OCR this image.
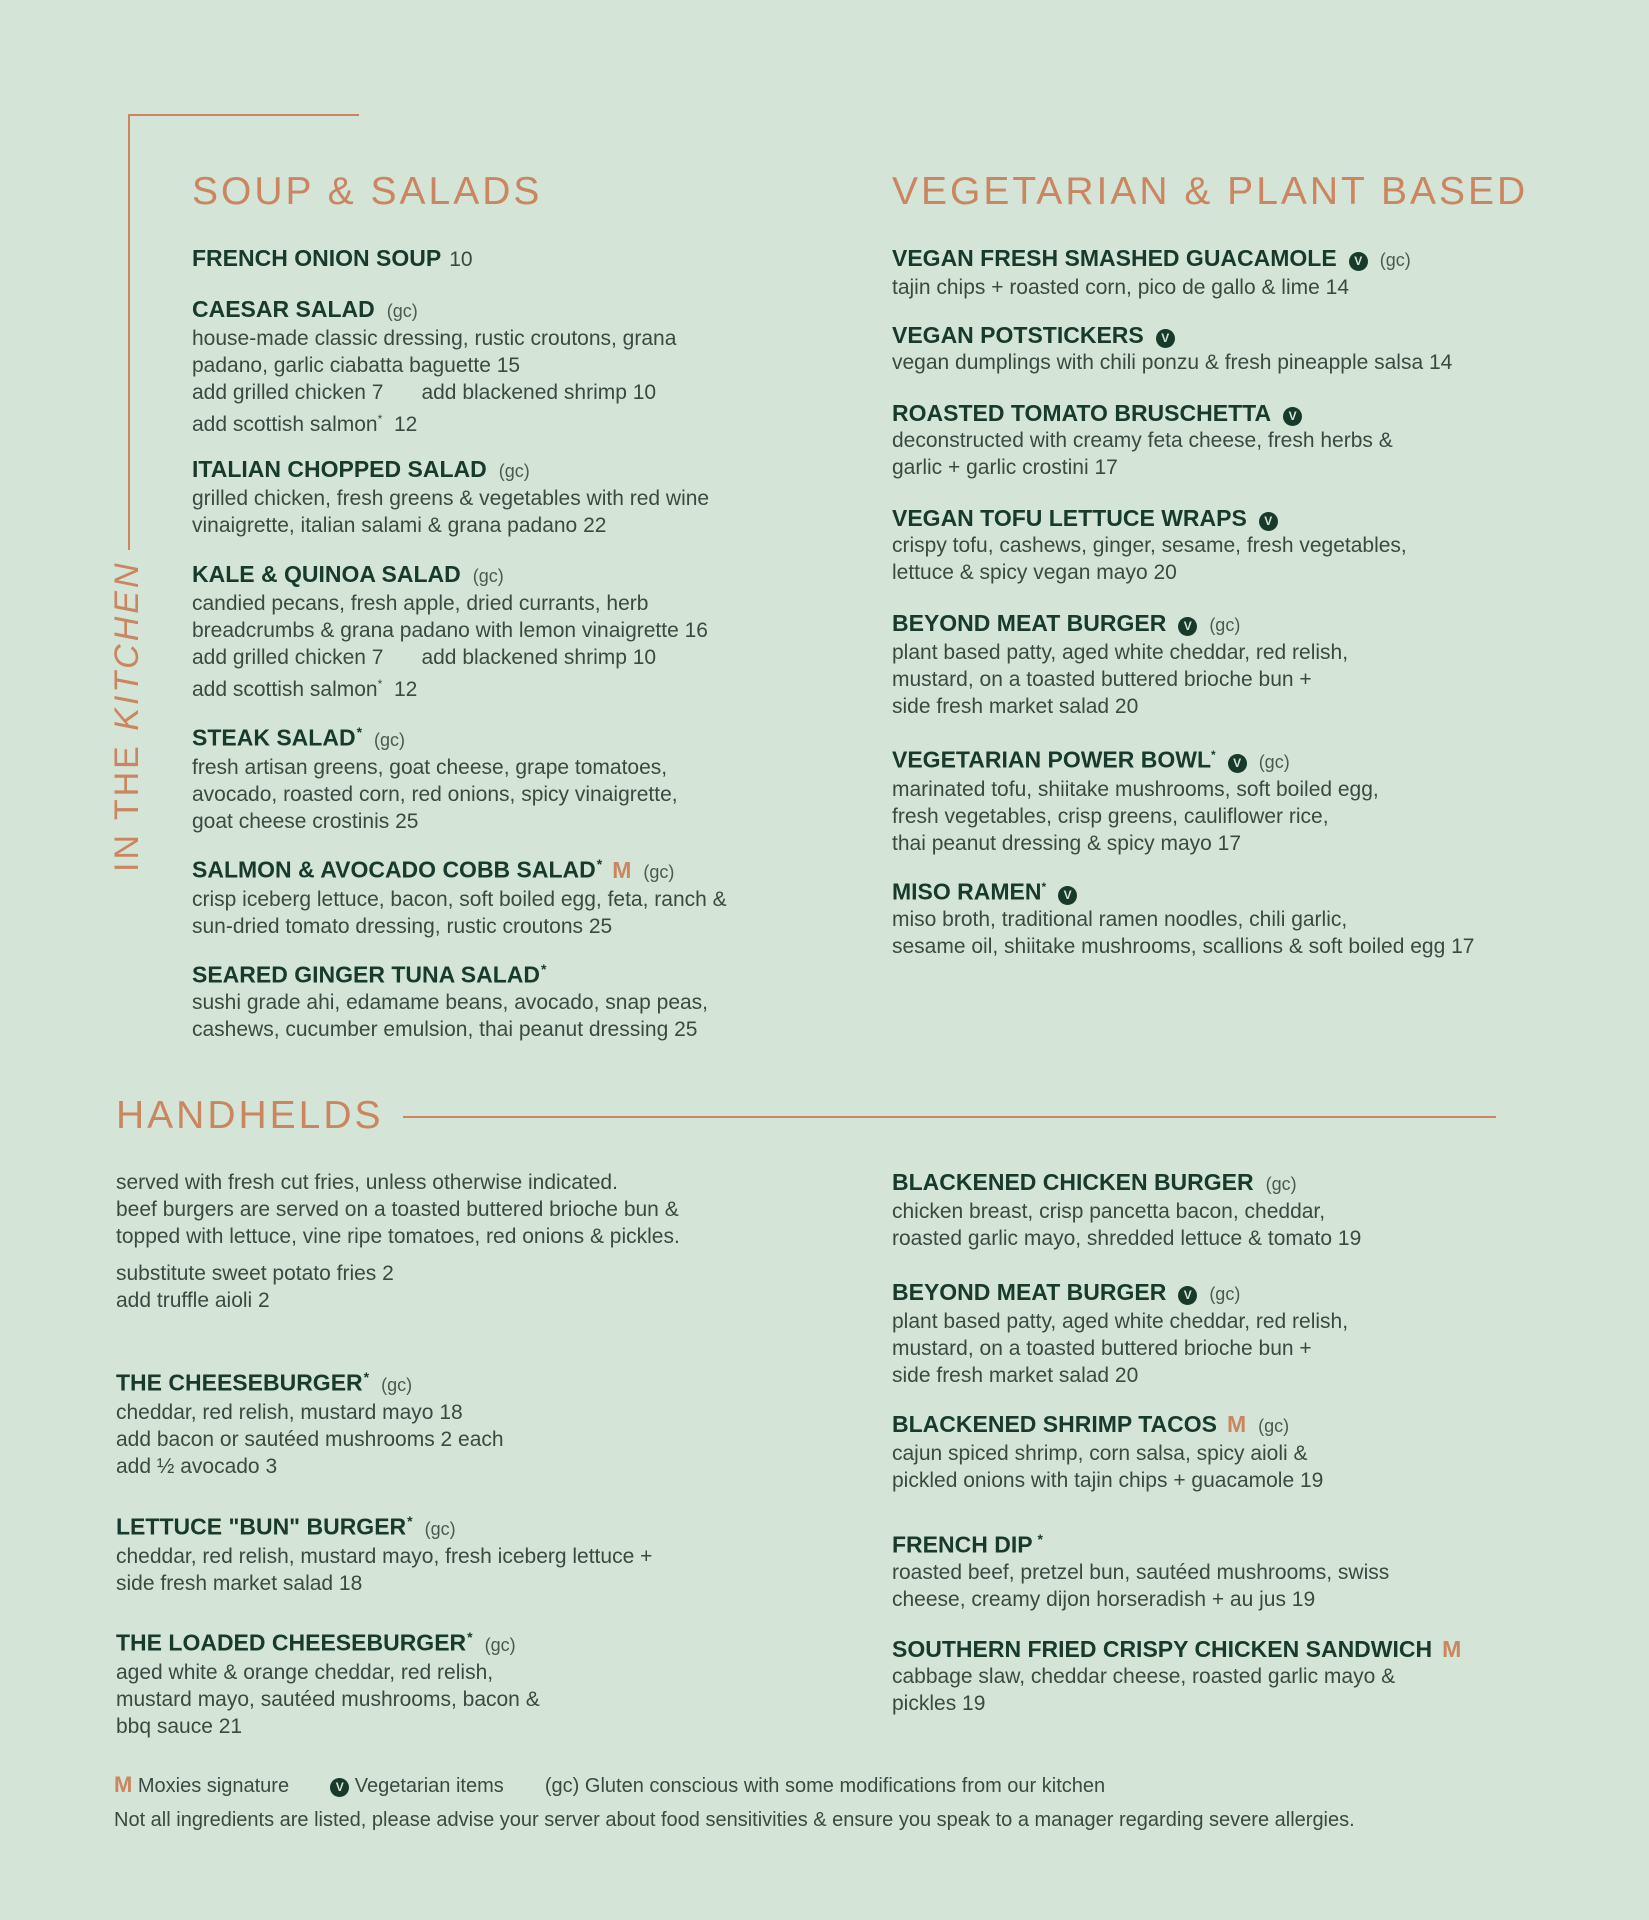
IN THE KITCHEN
SOUP & SALADS
FRENCH ONION SOUP 10
CAESAR SALAD (gc)
house-made classic dressing, rustic croutons, grana
padano, garlic ciabatta baguette 15
add grilled chicken 7 add blackened shrimp 10
add scottish salmon*  12
ITALIAN CHOPPED SALAD (gc)
grilled chicken, fresh greens & vegetables with red wine
vinaigrette, italian salami & grana padano 22
KALE & QUINOA SALAD (gc)
candied pecans, fresh apple, dried currants, herb
breadcrumbs & grana padano with lemon vinaigrette 16
add grilled chicken 7 add blackened shrimp 10
add scottish salmon*  12
STEAK SALAD* (gc)
fresh artisan greens, goat cheese, grape tomatoes,
avocado, roasted corn, red onions, spicy vinaigrette,
goat cheese crostinis 25
SALMON & AVOCADO COBB SALAD* M (gc)
crisp iceberg lettuce, bacon, soft boiled egg, feta, ranch &
sun-dried tomato dressing, rustic croutons 25
SEARED GINGER TUNA SALAD*
sushi grade ahi, edamame beans, avocado, snap peas,
cashews, cucumber emulsion, thai peanut dressing 25
VEGETARIAN & PLANT BASED
VEGAN FRESH SMASHED GUACAMOLE V (gc)
tajin chips + roasted corn, pico de gallo & lime 14
VEGAN POTSTICKERS V
vegan dumplings with chili ponzu & fresh pineapple salsa 14
ROASTED TOMATO BRUSCHETTA V
deconstructed with creamy feta cheese, fresh herbs &
garlic + garlic crostini 17
VEGAN TOFU LETTUCE WRAPS V
crispy tofu, cashews, ginger, sesame, fresh vegetables,
lettuce & spicy vegan mayo 20
BEYOND MEAT BURGER V (gc)
plant based patty, aged white cheddar, red relish,
mustard, on a toasted buttered brioche bun +
side fresh market salad 20
VEGETARIAN POWER BOWL*V (gc)
marinated tofu, shiitake mushrooms, soft boiled egg,
fresh vegetables, crisp greens, cauliflower rice,
thai peanut dressing & spicy mayo 17
MISO RAMEN*V
miso broth, traditional ramen noodles, chili garlic,
sesame oil, shiitake mushrooms, scallions & soft boiled egg 17
HANDHELDS
served with fresh cut fries, unless otherwise indicated.
beef burgers are served on a toasted buttered brioche bun &
topped with lettuce, vine ripe tomatoes, red onions & pickles.
substitute sweet potato fries 2
add truffle aioli 2
THE CHEESEBURGER* (gc)
cheddar, red relish, mustard mayo 18
add bacon or sautéed mushrooms 2 each
add ½ avocado 3
LETTUCE "BUN" BURGER* (gc)
cheddar, red relish, mustard mayo, fresh iceberg lettuce +
side fresh market salad 18
THE LOADED CHEESEBURGER* (gc)
aged white & orange cheddar, red relish,
mustard mayo, sautéed mushrooms, bacon &
bbq sauce 21
BLACKENED CHICKEN BURGER (gc)
chicken breast, crisp pancetta bacon, cheddar,
roasted garlic mayo, shredded lettuce & tomato 19
BEYOND MEAT BURGER V (gc)
plant based patty, aged white cheddar, red relish,
mustard, on a toasted buttered brioche bun +
side fresh market salad 20
BLACKENED SHRIMP TACOS M (gc)
cajun spiced shrimp, corn salsa, spicy aioli &
pickled onions with tajin chips + guacamole 19
FRENCH DIP *
roasted beef, pretzel bun, sautéed mushrooms, swiss
cheese, creamy dijon horseradish + au jus 19
SOUTHERN FRIED CRISPY CHICKEN SANDWICH M
cabbage slaw, cheddar cheese, roasted garlic mayo &
pickles 19
M Moxies signature	V Vegetarian items (gc) Gluten conscious with some modifications from our kitchen
Not all ingredients are listed, please advise your server about food sensitivities & ensure you speak to a manager regarding severe allergies.
